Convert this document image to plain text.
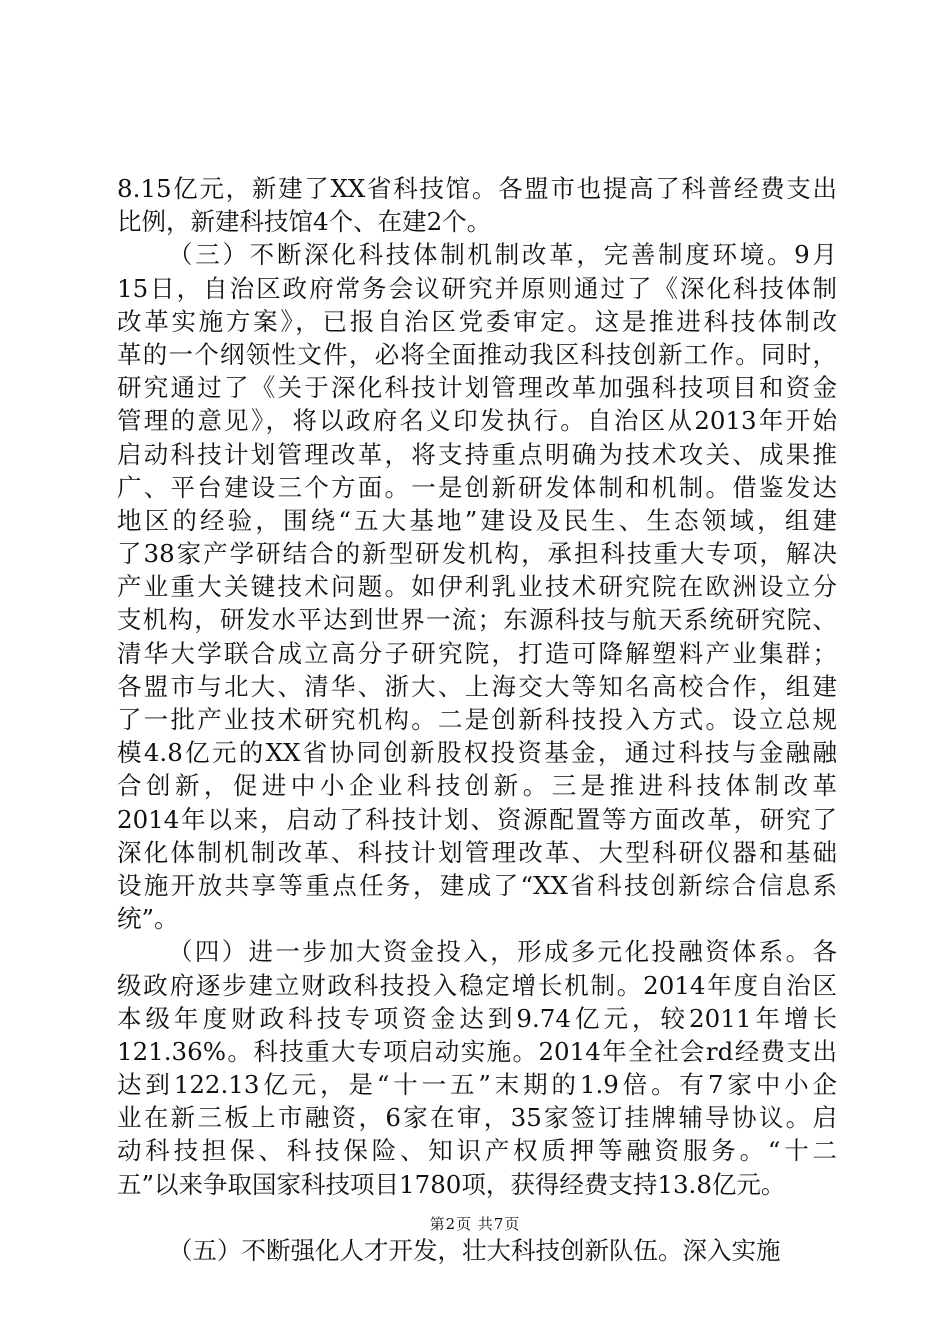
8.15亿元，新建了XX省科技馆。各盟市也提高了科普经费支出
比例，新建科技馆4个、在建2个。
（三）不断深化科技体制机制改革，完善制度环境。9月
15日，自治区政府常务会议研究并原则通过了《深化科技体制
改革实施方案》，已报自治区党委审定。这是推进科技体制改
革的一个纲领性文件，必将全面推动我区科技创新工作。同时，
研究通过了《关于深化科技计划管理改革加强科技项目和资金
管理的意见》，将以政府名义印发执行。自治区从2013年开始
启动科技计划管理改革，将支持重点明确为技术攻关、成果推
广、平台建设三个方面。一是创新研发体制和机制。借鉴发达
地区的经验，围绕“五大基地”建设及民生、生态领域，组建
了38家产学研结合的新型研发机构，承担科技重大专项，解决
产业重大关键技术问题。如伊利乳业技术研究院在欧洲设立分
支机构，研发水平达到世界一流；东源科技与航天系统研究院、
清华大学联合成立高分子研究院，打造可降解塑料产业集群；
各盟市与北大、清华、浙大、上海交大等知名高校合作，组建
了一批产业技术研究机构。二是创新科技投入方式。设立总规
模4.8亿元的XX省协同创新股权投资基金，通过科技与金融融
合创新，促进中小企业科技创新。三是推进科技体制改革
2014年以来，启动了科技计划、资源配置等方面改革，研究了
深化体制机制改革、科技计划管理改革、大型科研仪器和基础
设施开放共享等重点任务，建成了“XX省科技创新综合信息系
统”。
（四）进一步加大资金投入，形成多元化投融资体系。各
级政府逐步建立财政科技投入稳定增长机制。2014年度自治区
本级年度财政科技专项资金达到9.74亿元，较2011年增长
121.36%。科技重大专项启动实施。2014年全社会rd经费支出
达到122.13亿元，是“十一五”末期的1.9倍。有7家中小企
业在新三板上市融资，6家在审，35家签订挂牌辅导协议。启
动科技担保、科技保险、知识产权质押等融资服务。“十二
五”以来争取国家科技项目1780项，获得经费支持13.8亿元。
（五）不断强化人才开发，壮大科技创新队伍。深入实施
第2页 共7页
